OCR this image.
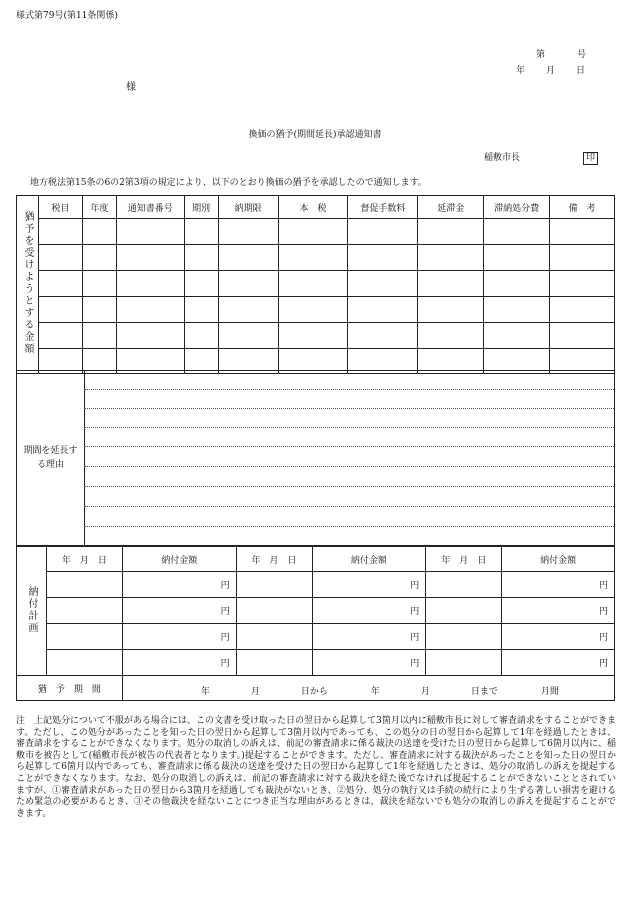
様式第79号(第11条関係)
第	号
年 月 日
様
換価の猶予(期間延長)承認通知書
稲敷市長	印
地方税法第15条の6の2第3項の規定により、以下のとおり換価の猶予を承認したので通知します。
猶予を受けようとする金額	税目	年度	通知書番号	期別	納期限	本　税	督促手数料	延滞金	滞納処分費	備　考

期間を延長する理由	
納付計画	年　月　日	納付金額	年　月　日	納付金額	年　月　日	納付金額
		円		円		円
		円		円		円
		円		円		円
		円		円		円
猶　予　期　間	年	月	日から	年	月	日まで	月間
注　上記処分について不服がある場合には、この文書を受け取った日の翌日から起算して3箇月以内に稲敷市長に対して審査請求をすることができます。ただし、この処分があったことを知った日の翌日から起算して3箇月以内であっても、この処分の日の翌日から起算して1年を経過したときは、審査請求をすることができなくなります。処分の取消しの訴えは、前記の審査請求に係る裁決の送達を受けた日の翌日から起算して6箇月以内に、稲敷市を被告として(稲敷市長が被告の代表者となります。)提起することができます。ただし、審査請求に対する裁決があったことを知った日の翌日から起算して6箇月以内であっても、審査請求に係る裁決の送達を受けた日の翌日から起算して1年を経過したときは、処分の取消しの訴えを提起することができなくなります。なお、処分の取消しの訴えは、前記の審査請求に対する裁決を経た後でなければ提起することができないこととされていますが、①審査請求があった日の翌日から3箇月を経過しても裁決がないとき、②処分、処分の執行又は手続の続行により生ずる著しい損害を避けるため緊急の必要があるとき、③その他裁決を経ないことにつき正当な理由があるときは、裁決を経ないでも処分の取消しの訴えを提起することができます。
